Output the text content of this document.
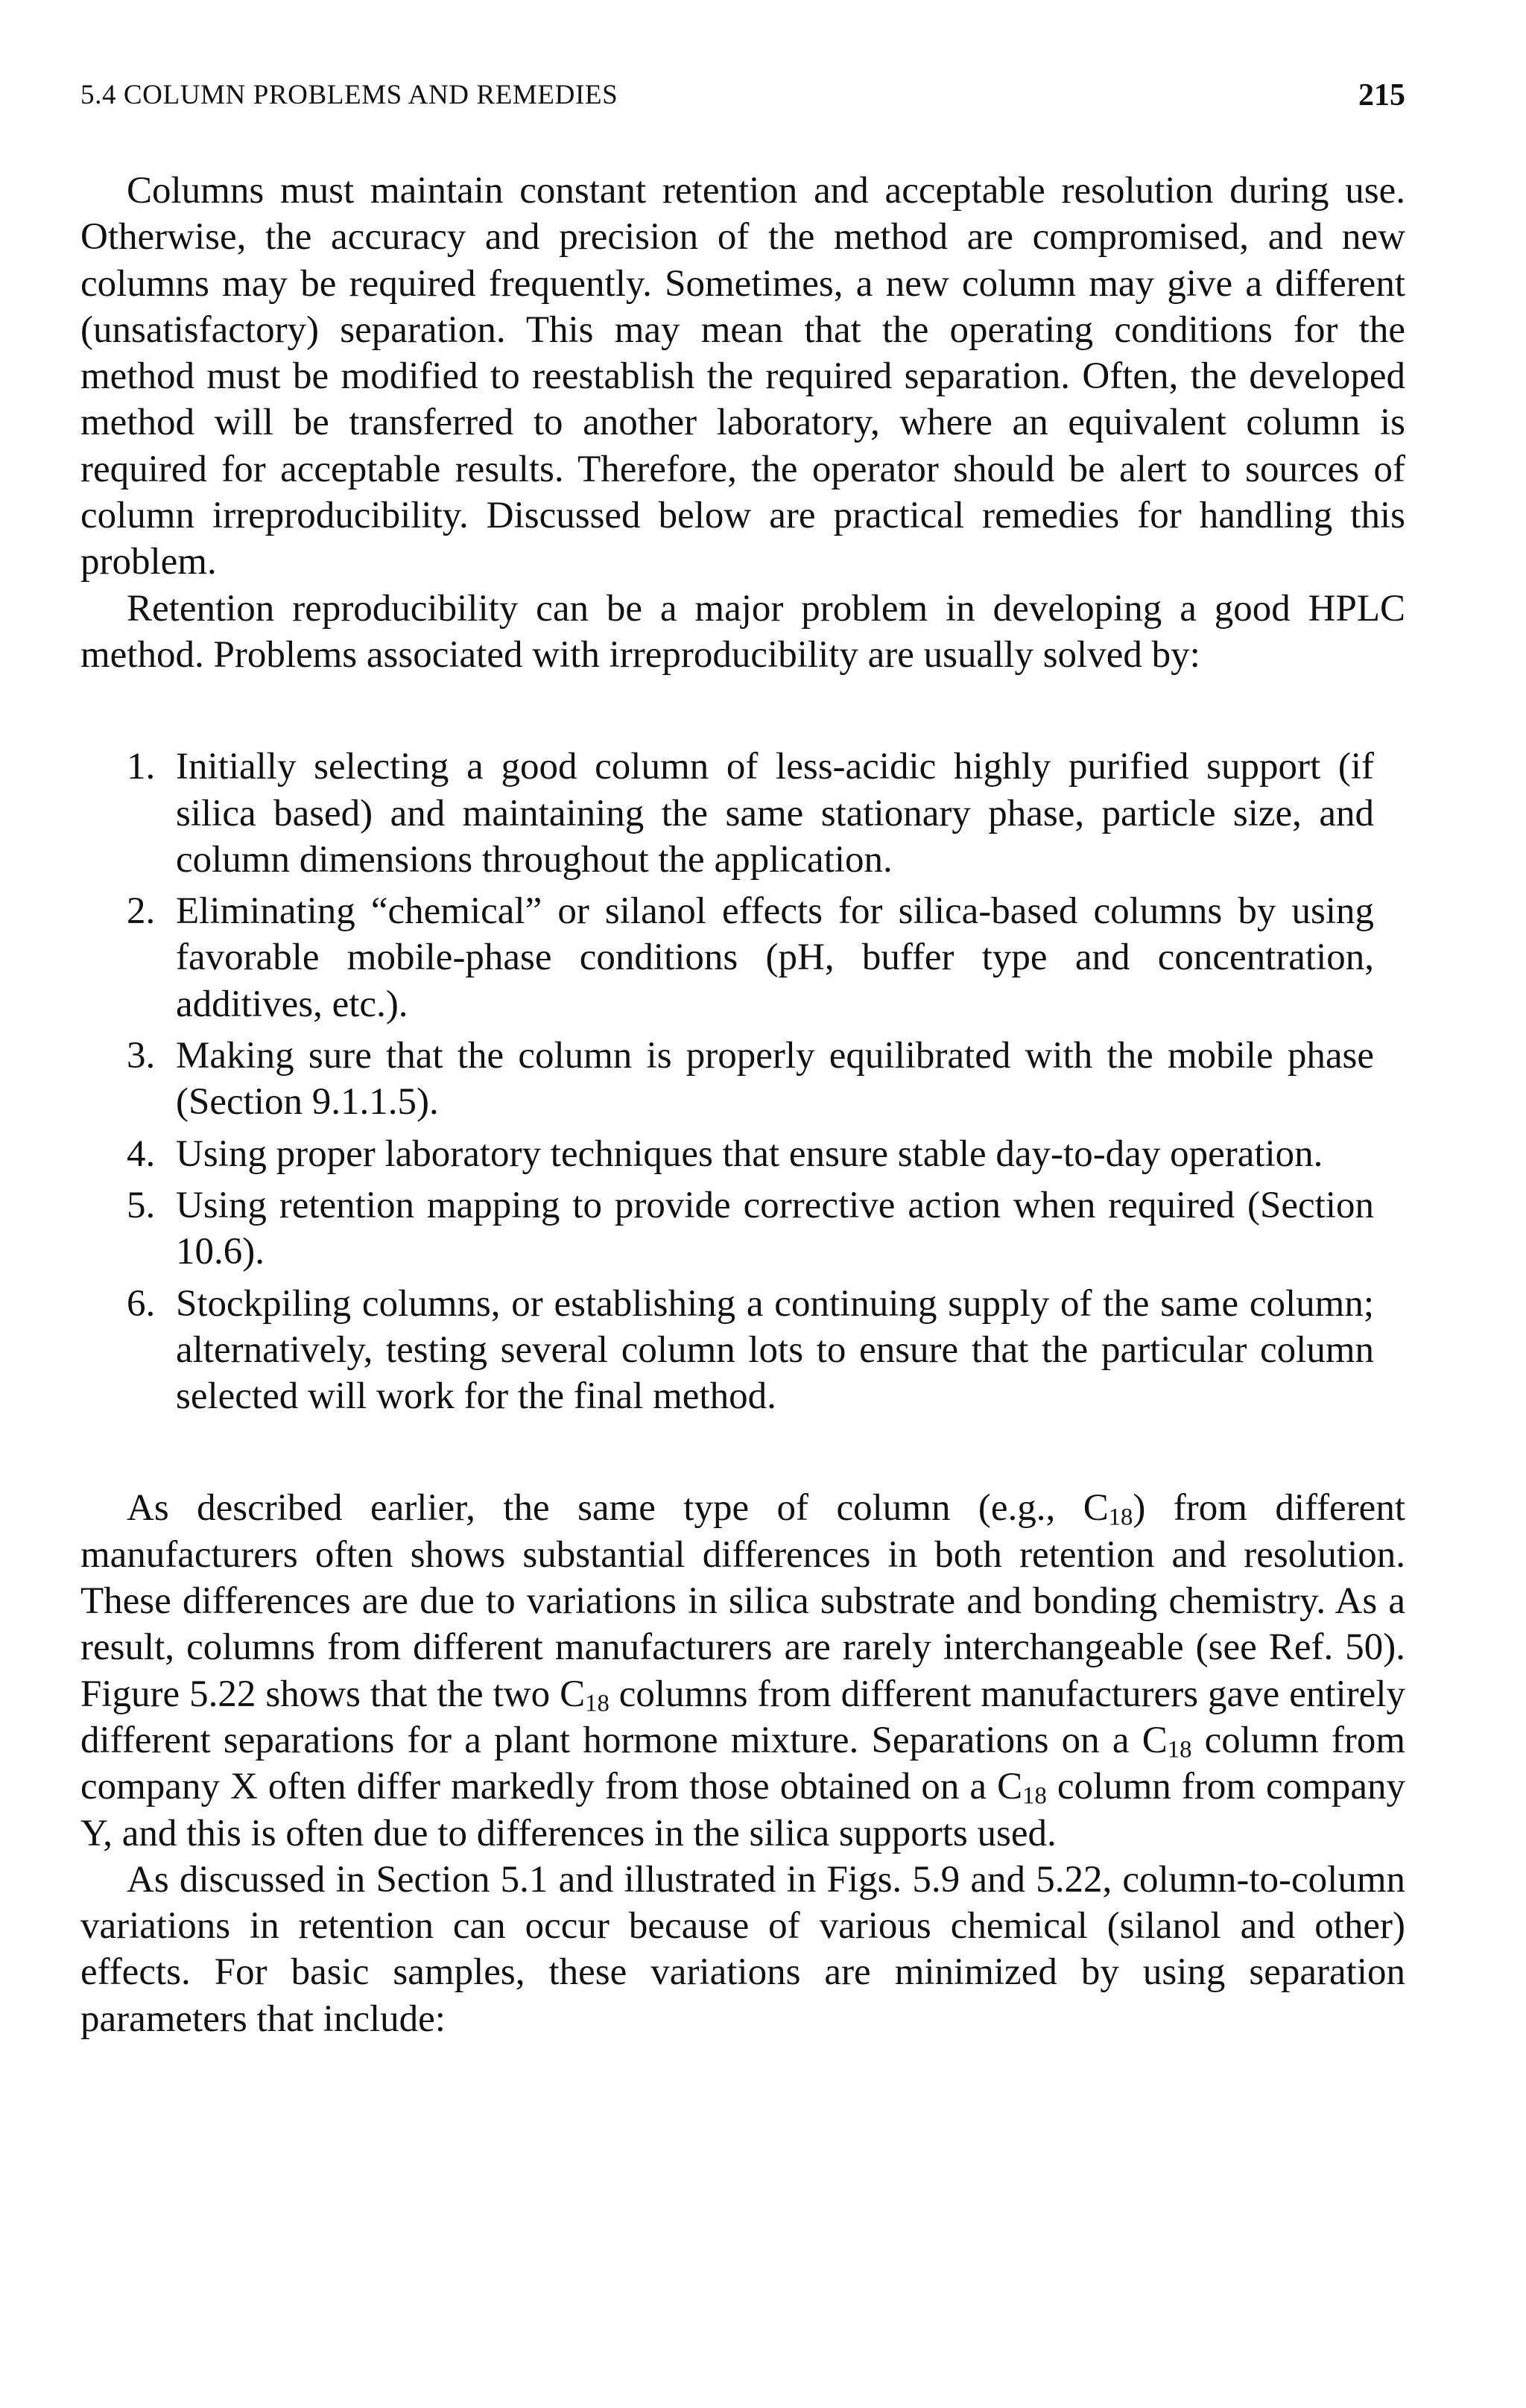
5.4 COLUMN PROBLEMS AND REMEDIES	215

Columns must maintain constant retention and acceptable resolution during use. Otherwise, the accuracy and precision of the method are compromised, and new columns may be required frequently. Sometimes, a new column may give a different (unsatisfactory) separation. This may mean that the operating conditions for the method must be modified to reestablish the required separation. Often, the developed method will be transferred to another laboratory, where an equivalent column is required for acceptable results. Therefore, the operator should be alert to sources of column irreproducibility. Discussed below are practical remedies for handling this problem.

Retention reproducibility can be a major problem in developing a good HPLC method. Problems associated with irreproducibility are usually solved by:

1. Initially selecting a good column of less-acidic highly purified support (if silica based) and maintaining the same stationary phase, particle size, and column dimensions throughout the application.
2. Eliminating “chemical” or silanol effects for silica-based columns by using favorable mobile-phase conditions (pH, buffer type and concentration, additives, etc.).
3. Making sure that the column is properly equilibrated with the mobile phase (Section 9.1.1.5).
4. Using proper laboratory techniques that ensure stable day-to-day operation.
5. Using retention mapping to provide corrective action when required (Section 10.6).
6. Stockpiling columns, or establishing a continuing supply of the same column; alternatively, testing several column lots to ensure that the particular column selected will work for the final method.

As described earlier, the same type of column (e.g., $C_{18}$) from different manufacturers often shows substantial differences in both retention and resolution. These differences are due to variations in silica substrate and bonding chemistry. As a result, columns from different manufacturers are rarely interchangeable (see Ref. 50). Figure 5.22 shows that the two $C_{18}$ columns from different manufacturers gave entirely different separations for a plant hormone mixture. Separations on a $C_{18}$ column from company X often differ markedly from those obtained on a $C_{18}$ column from company Y, and this is often due to differences in the silica supports used.

As discussed in Section 5.1 and illustrated in Figs. 5.9 and 5.22, column-to-column variations in retention can occur because of various chemical (silanol and other) effects. For basic samples, these variations are minimized by using separation parameters that include:
